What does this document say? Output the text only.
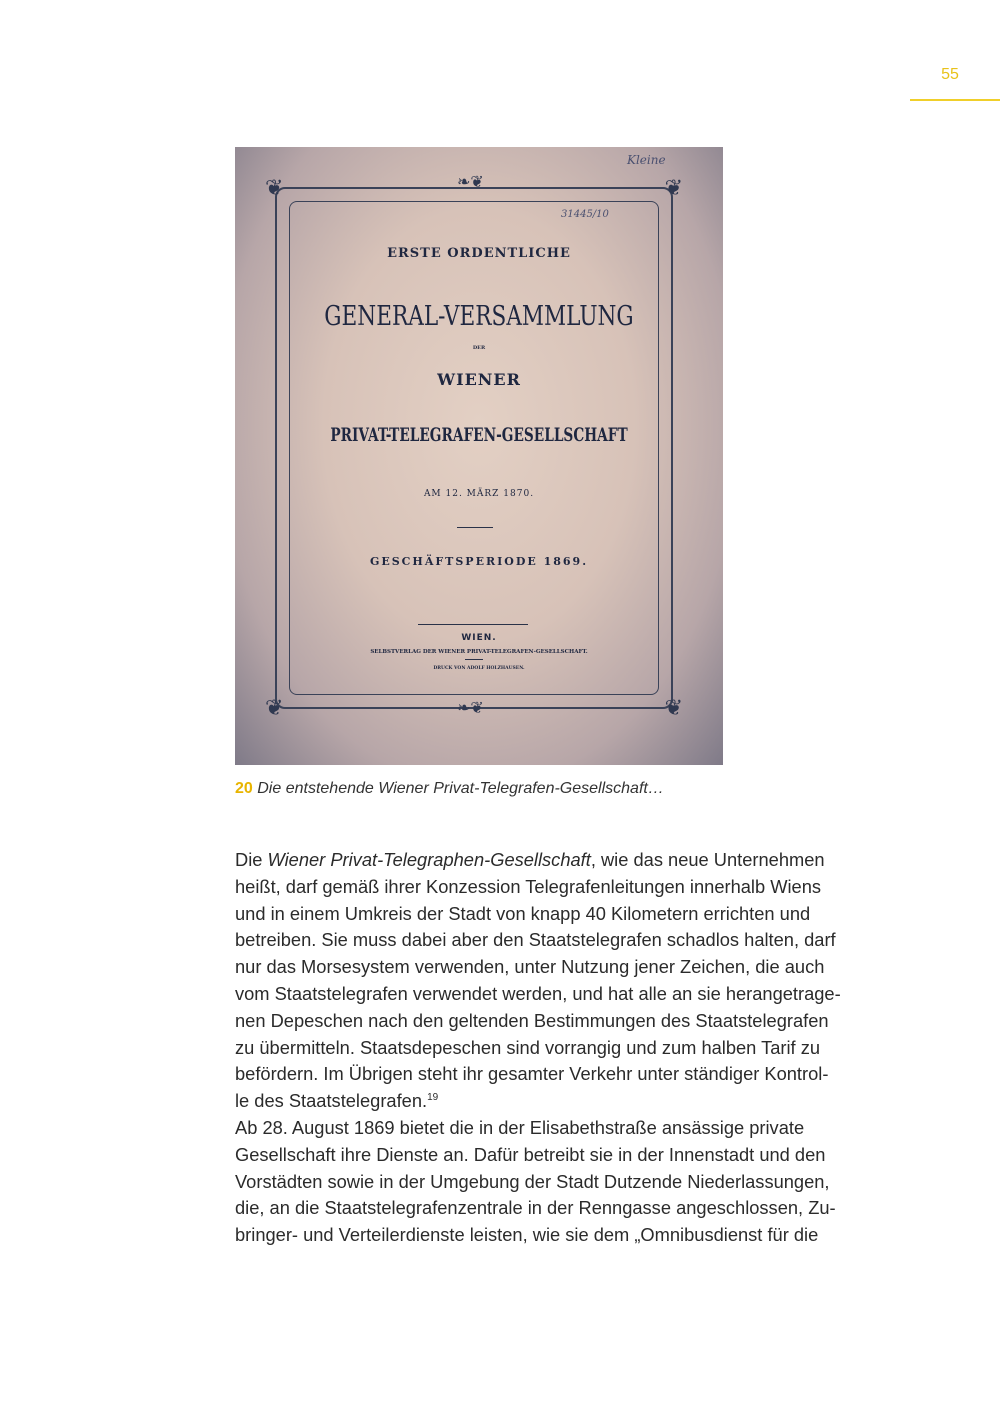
55
❦	❦
❦	❦
❧❦
❧❦
Kleine
31445/10
ERSTE ORDENTLICHE
GENERAL-VERSAMMLUNG
DER
WIENER
PRIVAT-TELEGRAFEN-GESELLSCHAFT
AM 12. MÄRZ 1870.
GESCHÄFTSPERIODE 1869.
WIEN.
SELBSTVERLAG DER WIENER PRIVAT-TELEGRAFEN-GESELLSCHAFT.
DRUCK VON ADOLF HOLZHAUSEN.
20 Die entstehende Wiener Privat-Telegrafen-Gesellschaft…
Die Wiener Privat-Telegraphen-Gesellschaft, wie das neue Unternehmen
heißt, darf gemäß ihrer Konzession Telegrafenleitungen innerhalb Wiens
und in einem Umkreis der Stadt von knapp 40 Kilometern errichten und
betreiben. Sie muss dabei aber den Staatstelegrafen schadlos halten, darf
nur das Morsesystem verwenden, unter Nutzung jener Zeichen, die auch
vom Staatstelegrafen verwendet werden, und hat alle an sie herangetrage-
nen Depeschen nach den geltenden Bestimmungen des Staatstelegrafen
zu übermitteln. Staatsdepeschen sind vorrangig und zum halben Tarif zu
befördern. Im Übrigen steht ihr gesamter Verkehr unter ständiger Kontrol-
le des Staatstelegrafen.$^{19}$
Ab 28. August 1869 bietet die in der Elisabethstraße ansässige private
Gesellschaft ihre Dienste an. Dafür betreibt sie in der Innenstadt und den
Vorstädten sowie in der Umgebung der Stadt Dutzende Niederlassungen,
die, an die Staatstelegrafenzentrale in der Renngasse angeschlossen, Zu-
bringer- und Verteilerdienste leisten, wie sie dem „Omnibusdienst für die
